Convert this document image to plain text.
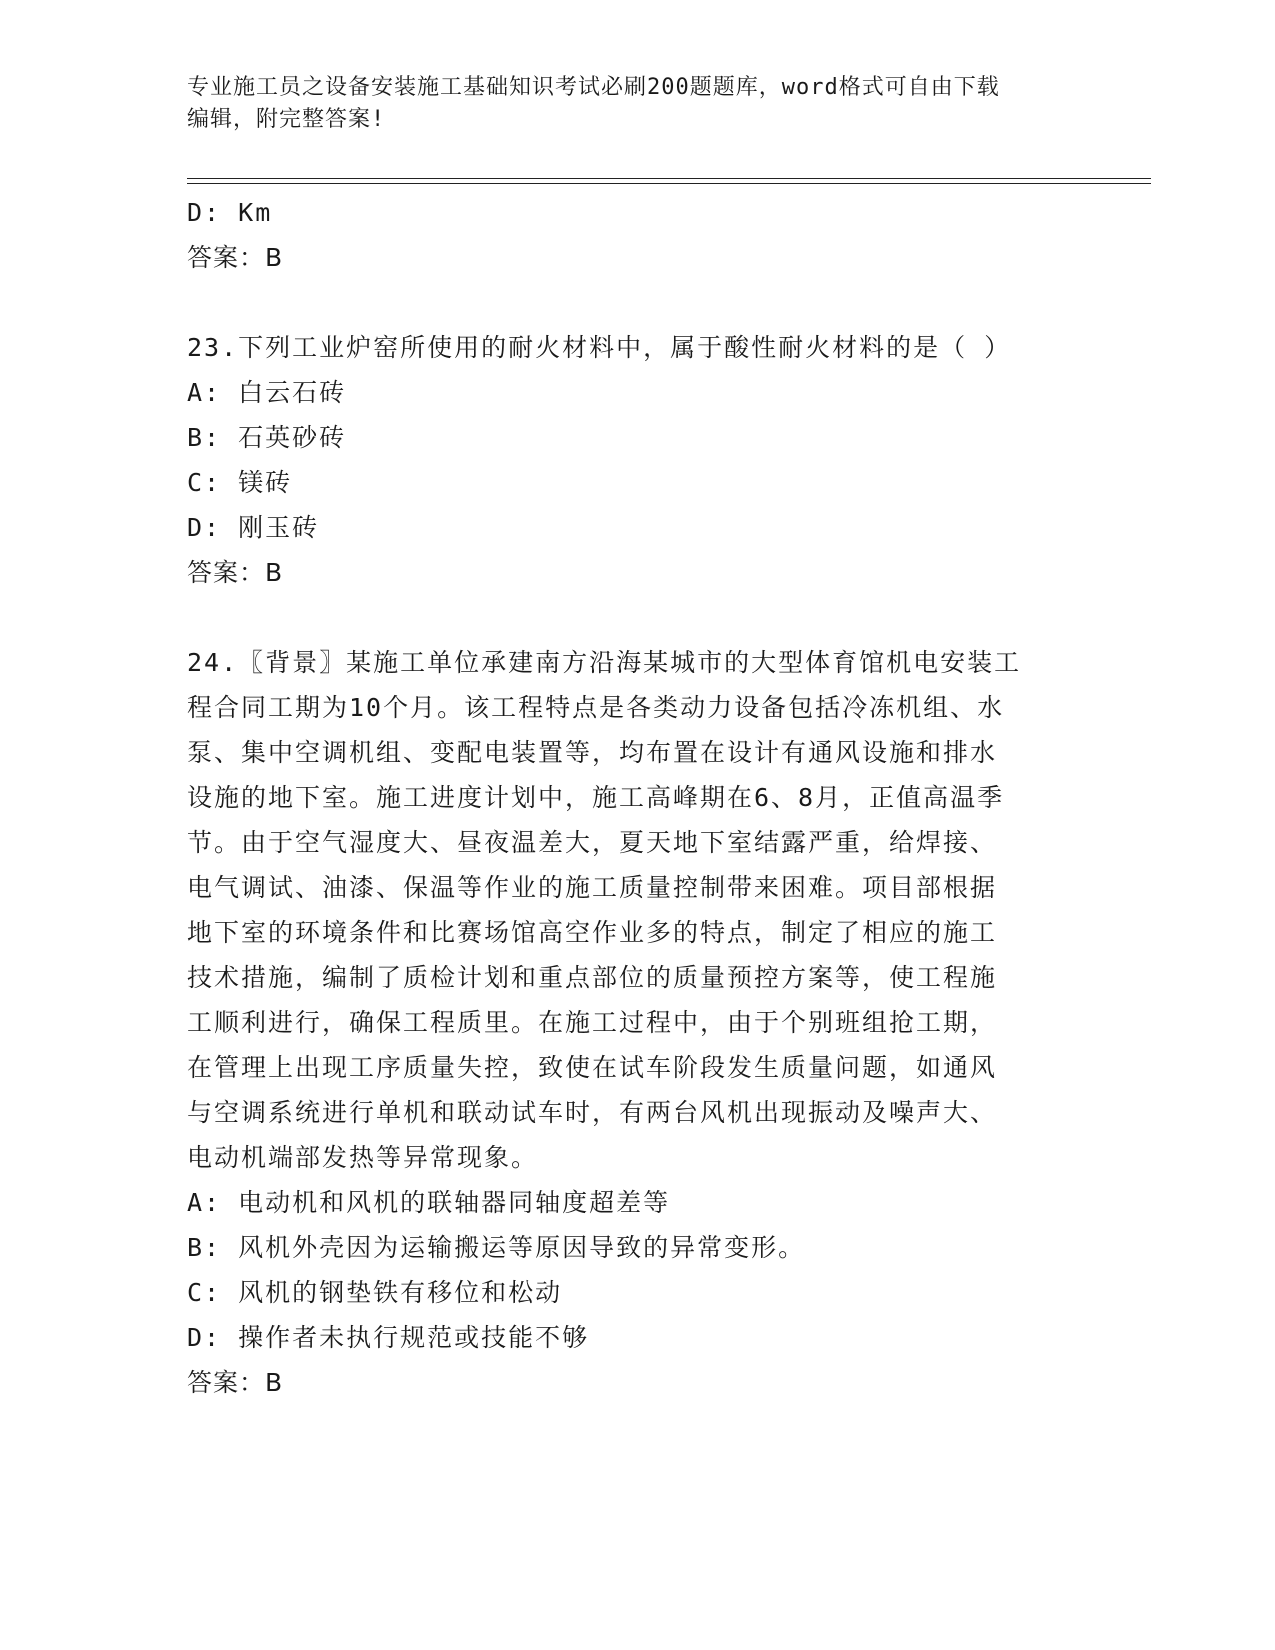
专业施工员之设备安装施工基础知识考试必刷200题题库，word格式可自由下载
编辑，附完整答案!
D: Km
答案：B
23.下列工业炉窑所使用的耐火材料中，属于酸性耐火材料的是（ ）
A: 白云石砖
B: 石英砂砖
C: 镁砖
D: 刚玉砖
答案：B
24.〖背景〗某施工单位承建南方沿海某城市的大型体育馆机电安装工
程合同工期为10个月。该工程特点是各类动力设备包括冷冻机组、水
泵、集中空调机组、变配电装置等，均布置在设计有通风设施和排水
设施的地下室。施工进度计划中，施工高峰期在6、8月，正值高温季
节。由于空气湿度大、昼夜温差大，夏天地下室结露严重，给焊接、
电气调试、油漆、保温等作业的施工质量控制带来困难。项目部根据
地下室的环境条件和比赛场馆高空作业多的特点，制定了相应的施工
技术措施，编制了质检计划和重点部位的质量预控方案等，使工程施
工顺利进行，确保工程质里。在施工过程中，由于个别班组抢工期，
在管理上出现工序质量失控，致使在试车阶段发生质量问题，如通风
与空调系统进行单机和联动试车时，有两台风机出现振动及噪声大、
电动机端部发热等异常现象。
A: 电动机和风机的联轴器同轴度超差等
B: 风机外壳因为运输搬运等原因导致的异常变形。
C: 风机的钢垫铁有移位和松动
D: 操作者未执行规范或技能不够
答案：B
